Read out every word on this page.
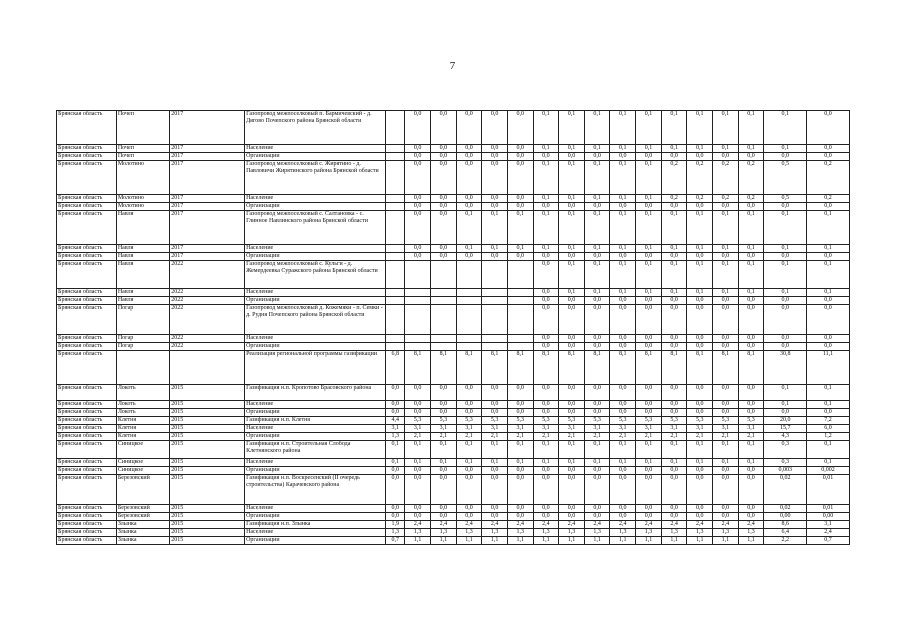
7
Брянская область	Почеп	2017	Газопровод межпоселковый п. Бармичевский - д. Дягово Почепского района Брянской области		0,0	0,0	0,0	0,0	0,0	0,1	0,1	0,1	0,1	0,1	0,1	0,1	0,1	0,1	0,1	0,0
Брянская область	Почеп	2017	Население		0,0	0,0	0,0	0,0	0,0	0,1	0,1	0,1	0,1	0,1	0,1	0,1	0,1	0,1	0,1	0,0
Брянская область	Почеп	2017	Организации		0,0	0,0	0,0	0,0	0,0	0,0	0,0	0,0	0,0	0,0	0,0	0,0	0,0	0,0	0,0	0,0
Брянская область	Молотино	2017	Газопровод межпоселковый с. Жирятино - д. Павловичи Жирятинского района Брянской области		0,0	0,0	0,0	0,0	0,0	0,1	0,1	0,1	0,1	0,1	0,2	0,2	0,2	0,2	0,5	0,2
Брянская область	Молотино	2017	Население		0,0	0,0	0,0	0,0	0,0	0,1	0,1	0,1	0,1	0,1	0,2	0,2	0,2	0,2	0,5	0,2
Брянская область	Молотино	2017	Организации		0,0	0,0	0,0	0,0	0,0	0,0	0,0	0,0	0,0	0,0	0,0	0,0	0,0	0,0	0,0	0,0
Брянская область	Навля	2017	Газопровод межпоселковый с. Салтановка - с. Глинное Навлинского района Брянской области		0,0	0,0	0,1	0,1	0,1	0,1	0,1	0,1	0,1	0,1	0,1	0,1	0,1	0,1	0,1	0,1
Брянская область	Навля	2017	Население		0,0	0,0	0,1	0,1	0,1	0,1	0,1	0,1	0,1	0,1	0,1	0,1	0,1	0,1	0,1	0,1
Брянская область	Навля	2017	Организации		0,0	0,0	0,0	0,0	0,0	0,0	0,0	0,0	0,0	0,0	0,0	0,0	0,0	0,0	0,0	0,0
Брянская область	Навля	2022	Газопровод межпоселковый с. Кульги - д. Жемердеевка Суражского района Брянской области							0,0	0,1	0,1	0,1	0,1	0,1	0,1	0,1	0,1	0,1	0,1
Брянская область	Навля	2022	Население							0,0	0,1	0,1	0,1	0,1	0,1	0,1	0,1	0,1	0,1	0,1
Брянская область	Навля	2022	Организации							0,0	0,0	0,0	0,0	0,0	0,0	0,0	0,0	0,0	0,0	0,0
Брянская область	Погар	2022	Газопровод межпоселковый д. Кожемяки - п. Семки - д. Рудня Почепского района Брянской области							0,0	0,0	0,0	0,0	0,0	0,0	0,0	0,0	0,0	0,0	0,0
Брянская область	Погар	2022	Население							0,0	0,0	0,0	0,0	0,0	0,0	0,0	0,0	0,0	0,0	0,0
Брянская область	Погар	2022	Организации							0,0	0,0	0,0	0,0	0,0	0,0	0,0	0,0	0,0	0,0	0,0
Брянская область			Реализация региональной программы газификации	6,8	8,1	8,1	8,1	8,1	8,1	8,1	8,1	8,1	8,1	8,1	8,1	8,1	8,1	8,1	30,8	11,1
Брянская область	Локоть	2015	Газификация н.п. Кропотово Брасовского района	0,0	0,0	0,0	0,0	0,0	0,0	0,0	0,0	0,0	0,0	0,0	0,0	0,0	0,0	0,0	0,1	0,1
Брянская область	Локоть	2015	Население	0,0	0,0	0,0	0,0	0,0	0,0	0,0	0,0	0,0	0,0	0,0	0,0	0,0	0,0	0,0	0,1	0,1
Брянская область	Локоть	2015	Организации	0,0	0,0	0,0	0,0	0,0	0,0	0,0	0,0	0,0	0,0	0,0	0,0	0,0	0,0	0,0	0,0	0,0
Брянская область	Клетня	2015	Газификация н.п. Клетня	4,4	5,3	5,3	5,3	5,3	5,3	5,3	5,3	5,3	5,3	5,3	5,3	5,3	5,3	5,3	20,0	7,2
Брянская область	Клетня	2015	Население	3,1	3,1	3,1	3,1	3,1	3,1	3,1	3,1	3,1	3,1	3,1	3,1	3,1	3,1	3,1	15,7	6,0
Брянская область	Клетня	2015	Организации	1,3	2,1	2,1	2,1	2,1	2,1	2,1	2,1	2,1	2,1	2,1	2,1	2,1	2,1	2,1	4,3	1,2
Брянская область	Синицкое	2015	Газификация н.п. Строительная Слобода Клетнянского района	0,1	0,1	0,1	0,1	0,1	0,1	0,1	0,1	0,1	0,1	0,1	0,1	0,1	0,1	0,1	0,3	0,1
Брянская область	Синицкое	2015	Население	0,1	0,1	0,1	0,1	0,1	0,1	0,1	0,1	0,1	0,1	0,1	0,1	0,1	0,1	0,1	0,3	0,1
Брянская область	Синицкое	2015	Организации	0,0	0,0	0,0	0,0	0,0	0,0	0,0	0,0	0,0	0,0	0,0	0,0	0,0	0,0	0,0	0,003	0,002
Брянская область	Березовский	2015	Газификация н.п. Воскресенский (II очередь строительства) Карачевского района	0,0	0,0	0,0	0,0	0,0	0,0	0,0	0,0	0,0	0,0	0,0	0,0	0,0	0,0	0,0	0,02	0,01
Брянская область	Березовский	2015	Население	0,0	0,0	0,0	0,0	0,0	0,0	0,0	0,0	0,0	0,0	0,0	0,0	0,0	0,0	0,0	0,02	0,01
Брянская область	Березовский	2015	Организации	0,0	0,0	0,0	0,0	0,0	0,0	0,0	0,0	0,0	0,0	0,0	0,0	0,0	0,0	0,0	0,00	0,00
Брянская область	Злынка	2015	Газификация н.п. Злынка	1,9	2,4	2,4	2,4	2,4	2,4	2,4	2,4	2,4	2,4	2,4	2,4	2,4	2,4	2,4	8,6	3,1
Брянская область	Злынка	2015	Население	1,3	1,3	1,3	1,3	1,3	1,3	1,3	1,3	1,3	1,3	1,3	1,3	1,3	1,3	1,3	6,4	2,4
Брянская область	Злынка	2015	Организации	0,7	1,1	1,1	1,1	1,1	1,1	1,1	1,1	1,1	1,1	1,1	1,1	1,1	1,1	1,1	2,2	0,7
